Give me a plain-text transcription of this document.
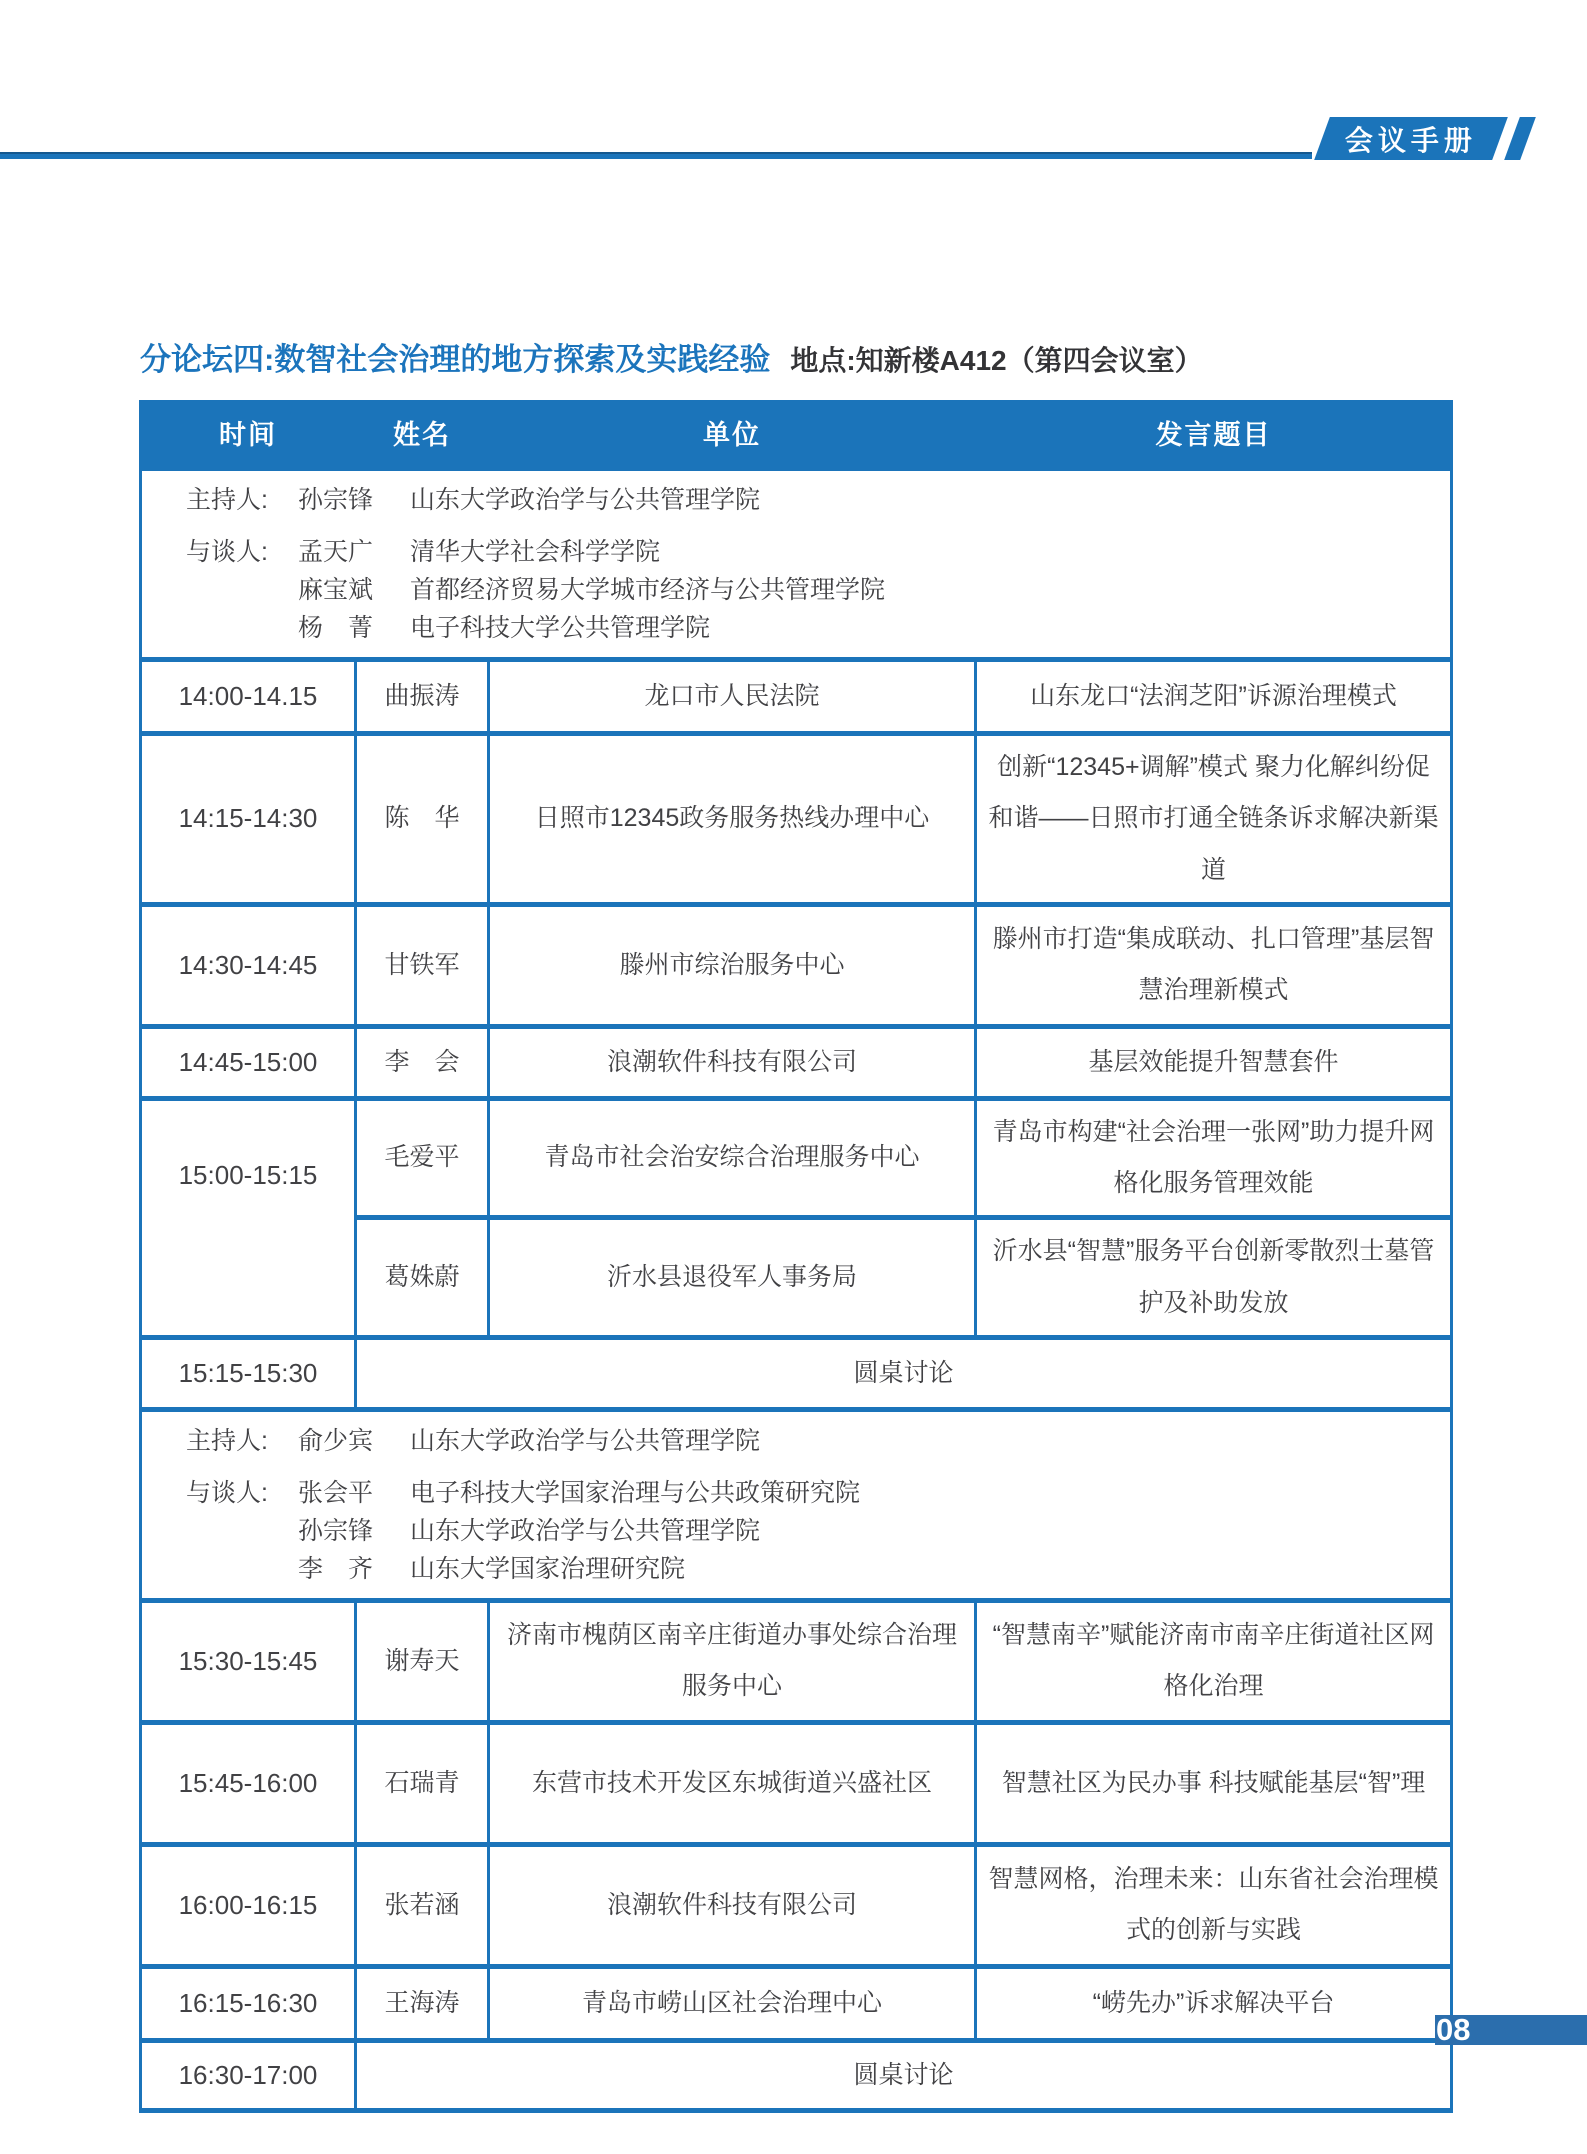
会议手册
分论坛四:数智社会治理的地方探索及实践经验 地点:知新楼A412（第四会议室）
时间	姓名	单位	发言题目

主持人:	孙宗锋	山东大学政治学与公共管理学院
与谈人:	孟天广	清华大学社会科学学院
麻宝斌	首都经济贸易大学城市经济与公共管理学院
杨　菁	电子科技大学公共管理学院

14:00-14.15	曲振涛	龙口市人民法院	山东龙口“法润芝阳”诉源治理模式
14:15-14:30	陈　华	日照市12345政务服务热线办理中心	创新“12345+调解”模式 聚力化解纠纷促和谐——日照市打通全链条诉求解决新渠道
14:30-14:45	甘铁军	滕州市综治服务中心	滕州市打造“集成联动、扎口管理”基层智慧治理新模式
14:45-15:00	李　会	浪潮软件科技有限公司	基层效能提升智慧套件

15:00-15:15	毛爱平	青岛市社会治安综合治理服务中心	青岛市构建“社会治理一张网”助力提升网格化服务管理效能
	葛姝蔚	沂水县退役军人事务局	沂水县“智慧”服务平台创新零散烈士墓管护及补助发放
15:15-15:30	圆桌讨论		

主持人:	俞少宾	山东大学政治学与公共管理学院
与谈人:	张会平	电子科技大学国家治理与公共政策研究院
孙宗锋	山东大学政治学与公共管理学院
李　齐	山东大学国家治理研究院

15:30-15:45	谢寿天	济南市槐荫区南辛庄街道办事处综合治理服务中心	“智慧南辛”赋能济南市南辛庄街道社区网格化治理
15:45-16:00	石瑞青	东营市技术开发区东城街道兴盛社区	智慧社区为民办事 科技赋能基层“智”理
16:00-16:15	张若涵	浪潮软件科技有限公司	智慧网格，治理未来：山东省社会治理模式的创新与实践
16:15-16:30	王海涛	青岛市崂山区社会治理中心	“崂先办”诉求解决平台
16:30-17:00	圆桌讨论		
08
